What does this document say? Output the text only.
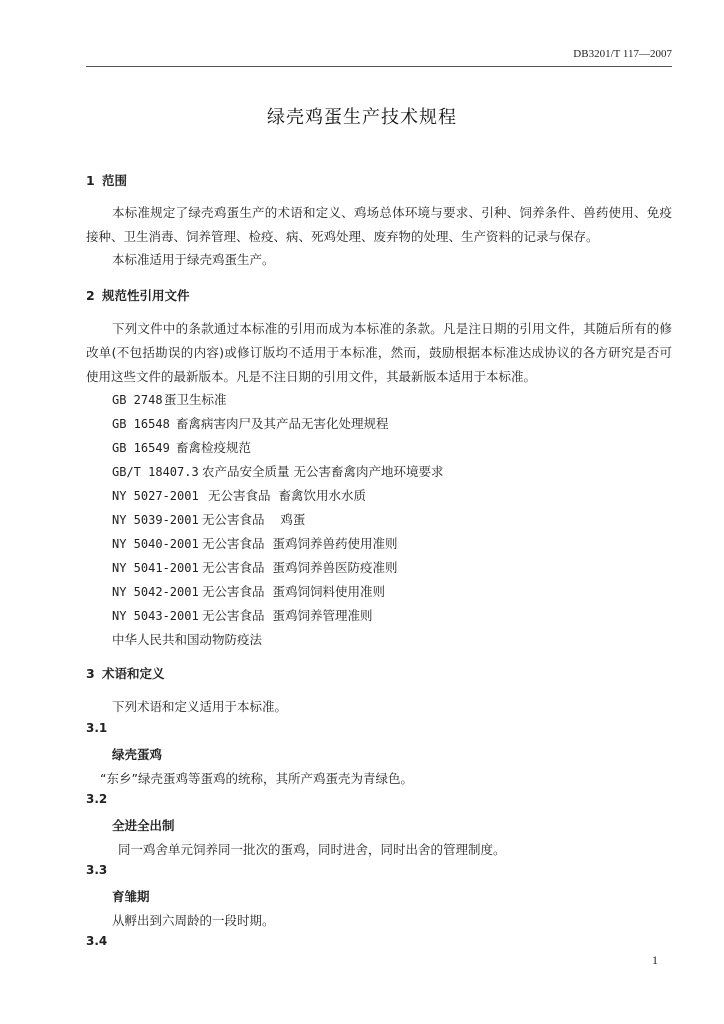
DB3201/T 117—2007
绿壳鸡蛋生产技术规程
1 范围
本标准规定了绿壳鸡蛋生产的术语和定义、鸡场总体环境与要求、引种、饲养条件、兽药使用、免疫
接种、卫生消毒、饲养管理、检疫、病、死鸡处理、废弃物的处理、生产资料的记录与保存。
本标准适用于绿壳鸡蛋生产。
2 规范性引用文件
下列文件中的条款通过本标准的引用而成为本标准的条款。凡是注日期的引用文件，其随后所有的修
改单(不包括勘误的内容)或修订版均不适用于本标准，然而，鼓励根据本标准达成协议的各方研究是否可
使用这些文件的最新版本。凡是不注日期的引用文件，其最新版本适用于本标准。
GB 2748蛋卫生标准
GB 16548 畜禽病害肉尸及其产品无害化处理规程
GB 16549 畜禽检疫规范
GB/T 18407.3 农产品安全质量 无公害畜禽肉产地环境要求
NY 5027-2001 无公害食品  畜禽饮用水水质
NY 5039-2001 无公害食品    鸡蛋
NY 5040-2001 无公害食品  蛋鸡饲养兽药使用准则
NY 5041-2001 无公害食品  蛋鸡饲养兽医防疫准则
NY 5042-2001 无公害食品  蛋鸡饲饲料使用准则
NY 5043-2001 无公害食品  蛋鸡饲养管理准则
中华人民共和国动物防疫法
3 术语和定义
下列术语和定义适用于本标准。
3.1
绿壳蛋鸡
“东乡”绿壳蛋鸡等蛋鸡的统称，其所产鸡蛋壳为青绿色。
3.2
全进全出制
同一鸡舍单元饲养同一批次的蛋鸡，同时进舍，同时出舍的管理制度。
3.3
育雏期
从孵出到六周龄的一段时期。
3.4
1
